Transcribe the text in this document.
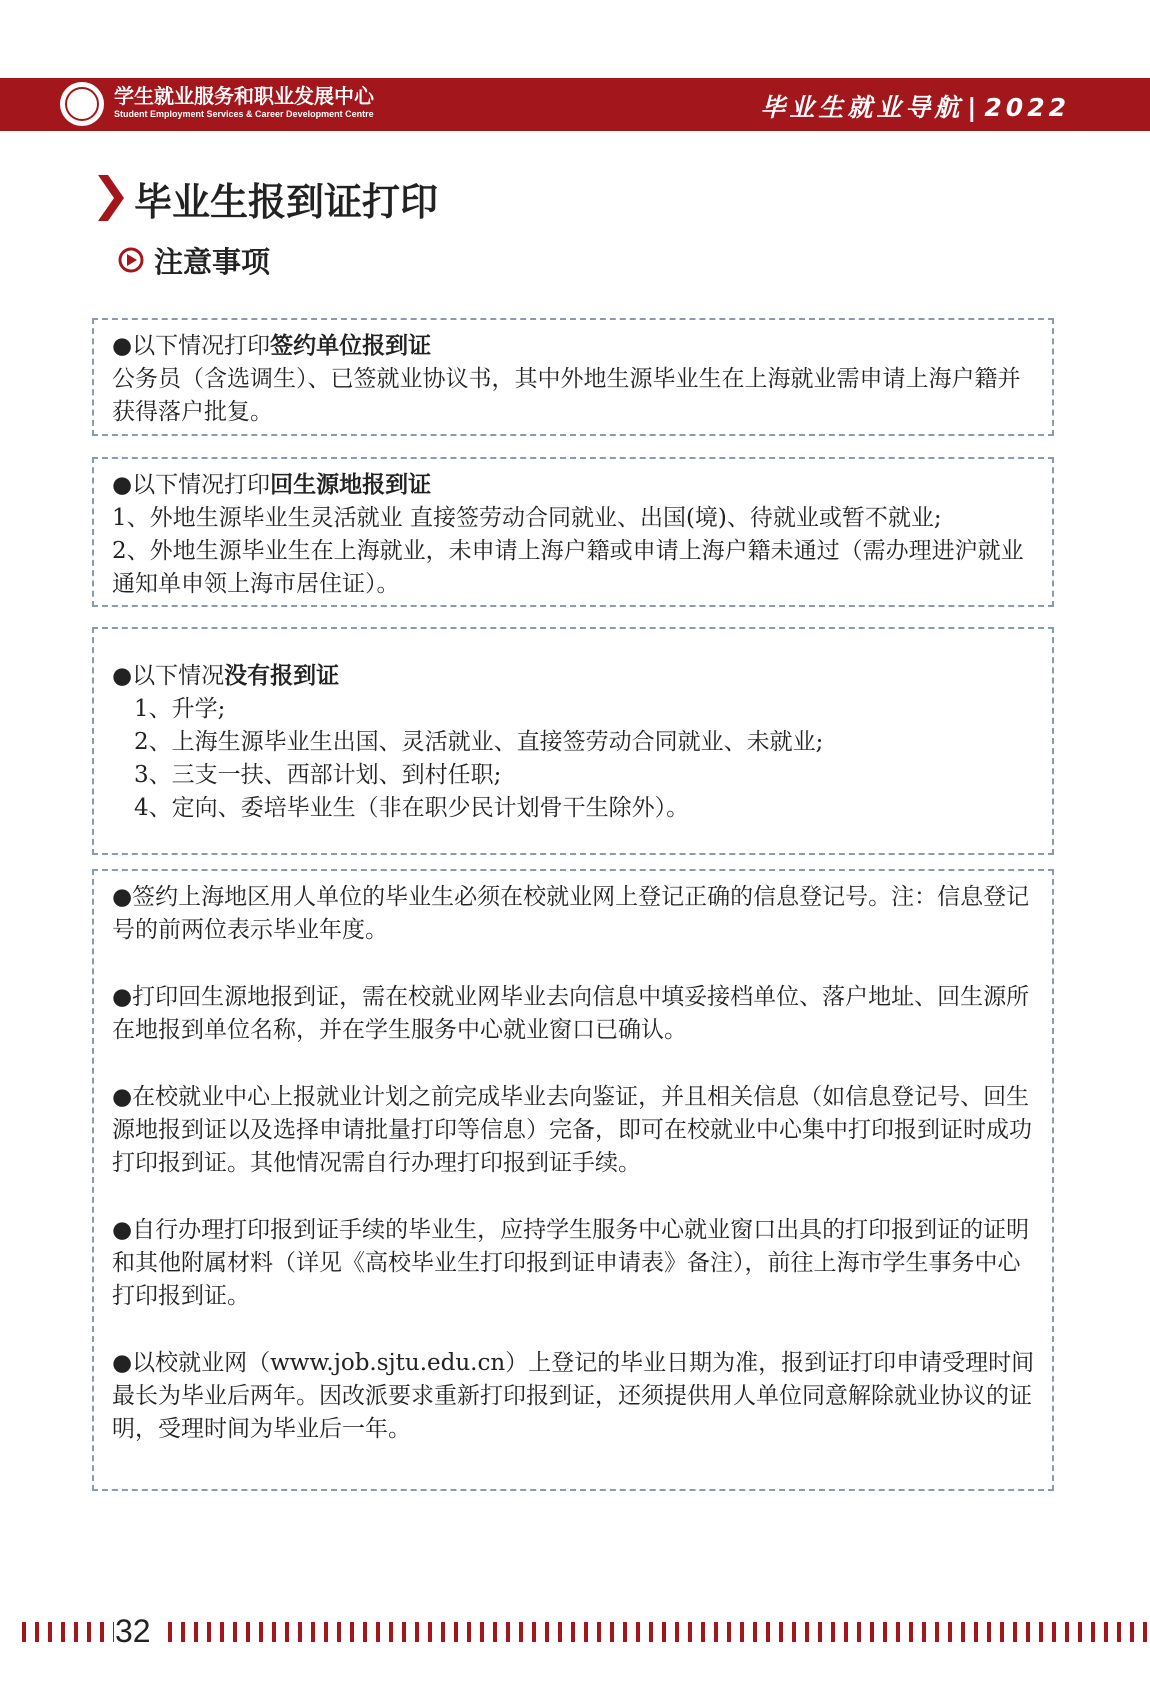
学生就业服务和职业发展中心
Student Employment Services & Career Development Centre	毕业生就业导航 | 2022
毕业生报到证打印
注意事项
●以下情况打印签约单位报到证

公务员（含选调生）、已签就业协议书，其中外地生源毕业生在上海就业需申请上海户籍并获得落户批复。

●以下情况打印回生源地报到证

1、外地生源毕业生灵活就业 直接签劳动合同就业、出国(境)、待就业或暂不就业;

2、外地生源毕业生在上海就业，未申请上海户籍或申请上海户籍未通过（需办理进沪就业通知单申领上海市居住证）。

●以下情况没有报到证

1、升学;

2、上海生源毕业生出国、灵活就业、直接签劳动合同就业、未就业;

3、三支一扶、西部计划、到村任职;

4、定向、委培毕业生（非在职少民计划骨干生除外）。

●签约上海地区用人单位的毕业生必须在校就业网上登记正确的信息登记号。注：信息登记号的前两位表示毕业年度。

●打印回生源地报到证，需在校就业网毕业去向信息中填妥接档单位、落户地址、回生源所在地报到单位名称，并在学生服务中心就业窗口已确认。

●在校就业中心上报就业计划之前完成毕业去向鉴证，并且相关信息（如信息登记号、回生源地报到证以及选择申请批量打印等信息）完备，即可在校就业中心集中打印报到证时成功打印报到证。其他情况需自行办理打印报到证手续。

●自行办理打印报到证手续的毕业生，应持学生服务中心就业窗口出具的打印报到证的证明和其他附属材料（详见《高校毕业生打印报到证申请表》备注），前往上海市学生事务中心打印报到证。

●以校就业网（www.job.sjtu.edu.cn）上登记的毕业日期为准，报到证打印申请受理时间最长为毕业后两年。因改派要求重新打印报到证，还须提供用人单位同意解除就业协议的证明，受理时间为毕业后一年。

32
